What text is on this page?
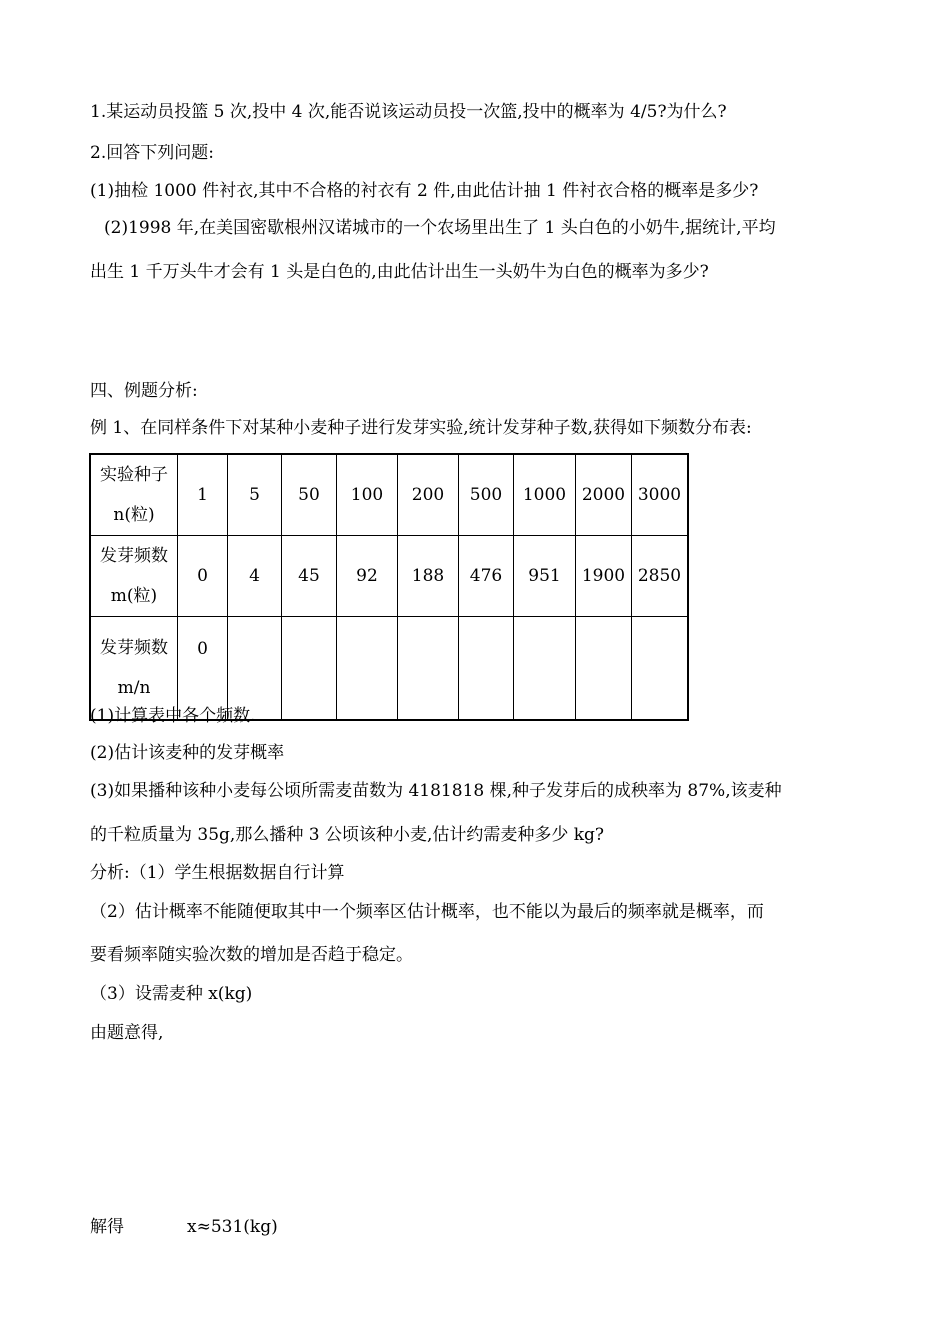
1.某运动员投篮 5 次,投中 4 次,能否说该运动员投一次篮,投中的概率为 4/5?为什么?
2.回答下列问题:
(1)抽检 1000 件衬衣,其中不合格的衬衣有 2 件,由此估计抽 1 件衬衣合格的概率是多少?
(2)1998 年,在美国密歇根州汉诺城市的一个农场里出生了 1 头白色的小奶牛,据统计,平均
出生 1 千万头牛才会有 1 头是白色的,由此估计出生一头奶牛为白色的概率为多少?
四、例题分析:
例 1、在同样条件下对某种小麦种子进行发芽实验,统计发芽种子数,获得如下频数分布表:
实验种子
n(粒)	1	5	50	100	200	500	1000	2000	3000

发芽频数
m(粒)	0	4	45	92	188	476	951	1900	2850

发芽频数
m/n	0								
(1)计算表中各个频数.
(2)估计该麦种的发芽概率
(3)如果播种该种小麦每公顷所需麦苗数为 4181818 棵,种子发芽后的成秧率为 87%,该麦种
的千粒质量为 35g,那么播种 3 公顷该种小麦,估计约需麦种多少 kg?
分析:（1）学生根据数据自行计算
（2）估计概率不能随便取其中一个频率区估计概率，也不能以为最后的频率就是概率，而
要看频率随实验次数的增加是否趋于稳定。
（3）设需麦种 x(kg)
由题意得,
解得	x≈531(kg)
